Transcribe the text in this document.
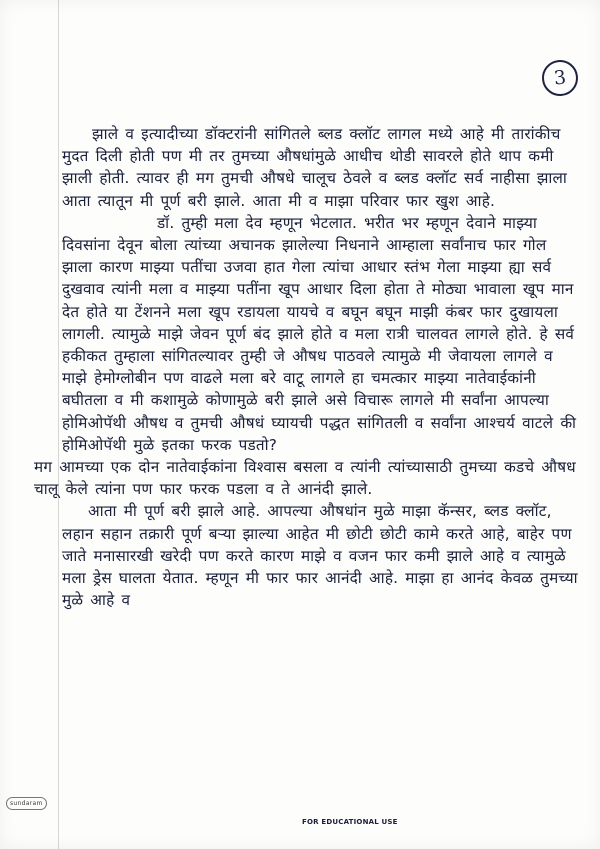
3

झाले व इत्यादीच्या डॉक्टरांनी सांगितले ब्लड क्लॉट लागल मध्ये आहे मी तारांकीच मुदत दिली होती पण मी तर तुमच्या औषधांमुळे आधीच थोडी सावरले होते थाप कमी झाली होती. त्यावर ही मग तुमची औषधे चालूच ठेवले व ब्लड क्लॉट सर्व नाहीसा झाला आता त्यातून मी पूर्ण बरी झाले. आता मी व माझा परिवार फार खुश आहे.

डॉ. तुम्ही मला देव म्हणून भेटलात. भरीत भर म्हणून देवाने माझ्या दिवसांना देवून बोला त्यांच्या अचानक झालेल्या निधनाने आम्हाला सर्वांनाच फार गोल झाला कारण माझ्या पतींचा उजवा हात गेला त्यांचा आधार स्तंभ गेला माझ्या ह्या सर्व दुखवाव त्यांनी मला व माझ्या पतींना खूप आधार दिला होता ते मोठ्या भावाला खूप मान देत होते या टेंशनने मला खूप रडायला यायचे व बघून बघून माझी कंबर फार दुखायला लागली. त्यामुळे माझे जेवन पूर्ण बंद झाले होते व मला रात्री चालवत लागले होते. हे सर्व हकीकत तुम्हाला सांगितल्यावर तुम्ही जे औषध पाठवले त्यामुळे मी जेवायला लागले व माझे हेमोग्लोबीन पण वाढले मला बरे वाटू लागले हा चमत्कार माझ्या नातेवाईकांनी बघीतला व मी कशामुळे कोणामुळे बरी झाले असे विचारू लागले मी सर्वांना आपल्या होमिओपॅथी औषध व तुमची औषधं घ्यायची पद्धत सांगितली व सर्वांना आश्चर्य वाटले की होमिओपॅथी मुळे इतका फरक पडतो?

मग आमच्या एक दोन नातेवाईकांना विश्वास बसला व त्यांनी त्यांच्यासाठी तुमच्या कडचे औषध चालू केले त्यांना पण फार फरक पडला व ते आनंदी झाले.

आता मी पूर्ण बरी झाले आहे. आपल्या औषधांन मुळे माझा कॅन्सर, ब्लड क्लॉट, लहान सहान तक्रारी पूर्ण बऱ्या झाल्या आहेत मी छोटी छोटी कामे करते आहे, बाहेर पण जाते मनासारखी खरेदी पण करते कारण माझे व वजन फार कमी झाले आहे व त्यामुळे मला ड्रेस घालता येतात. म्हणून मी फार फार आनंदी आहे. माझा हा आनंद केवळ तुमच्या मुळे आहे व

sundaram
FOR EDUCATIONAL USE
